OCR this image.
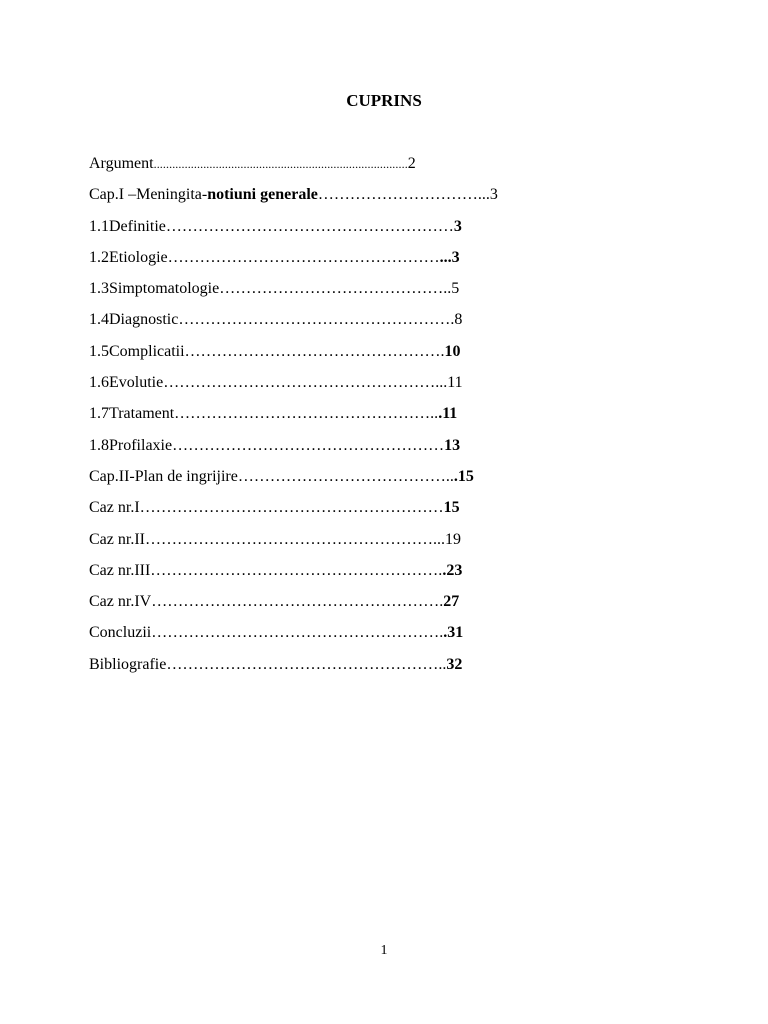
CUPRINS
Argument..................................................................................2
Cap.I –Meningita-notiuni generale…………………………...3
1.1Definitie………………………………………………3
1.2Etiologie……………………………………………...3
1.3Simptomatologie……………………………………..5
1.4Diagnostic…………………………………………….8
1.5Complicatii………………………………………….10
1.6Evolutie……………………………………………...11
1.7Tratament…………………………………………...11
1.8Profilaxie……………………………………………13
Cap.II-Plan de ingrijire…………………………………...15
Caz nr.I…………………………………………………15
Caz nr.II………………………………………………...19
Caz nr.III………………………………………………..23
Caz nr.IV……………………………………………….27
Concluzii………………………………………………..31
Bibliografie……………………………………………..32
1
